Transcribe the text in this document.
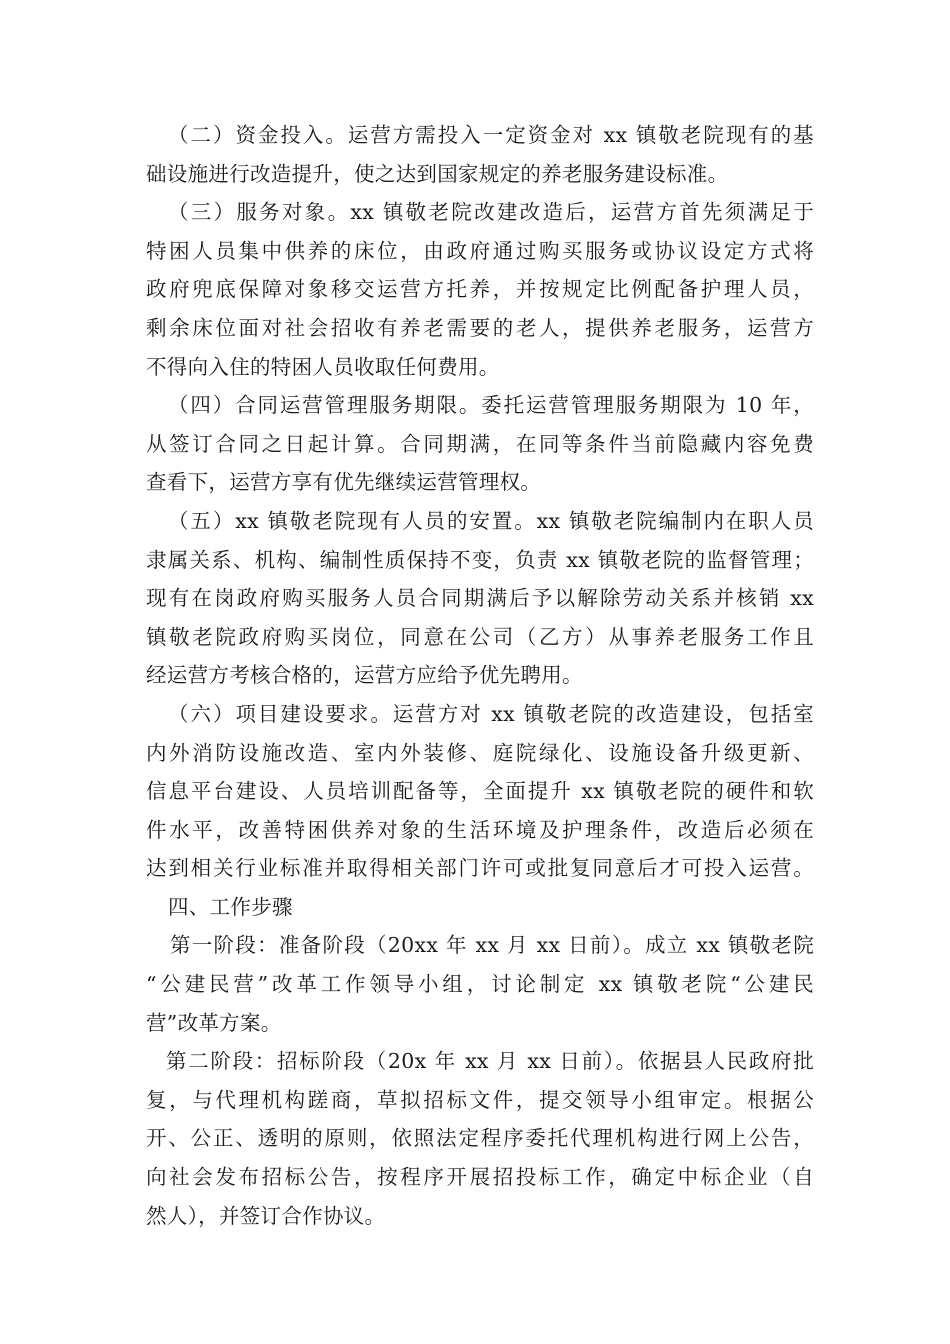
（二）资金投入。运营方需投入一定资金对 xx 镇敬老院现有的基
础设施进行改造提升，使之达到国家规定的养老服务建设标准。
（三）服务对象。xx 镇敬老院改建改造后，运营方首先须满足于
特困人员集中供养的床位，由政府通过购买服务或协议设定方式将
政府兜底保障对象移交运营方托养，并按规定比例配备护理人员，
剩余床位面对社会招收有养老需要的老人，提供养老服务，运营方
不得向入住的特困人员收取任何费用。
（四）合同运营管理服务期限。委托运营管理服务期限为 10 年，
从签订合同之日起计算。合同期满，在同等条件当前隐藏内容免费
查看下，运营方享有优先继续运营管理权。
（五）xx 镇敬老院现有人员的安置。xx 镇敬老院编制内在职人员
隶属关系、机构、编制性质保持不变，负责 xx 镇敬老院的监督管理；
现有在岗政府购买服务人员合同期满后予以解除劳动关系并核销 xx
镇敬老院政府购买岗位，同意在公司（乙方）从事养老服务工作且
经运营方考核合格的，运营方应给予优先聘用。
（六）项目建设要求。运营方对 xx 镇敬老院的改造建设，包括室
内外消防设施改造、室内外装修、庭院绿化、设施设备升级更新、
信息平台建设、人员培训配备等，全面提升 xx 镇敬老院的硬件和软
件水平，改善特困供养对象的生活环境及护理条件，改造后必须在
达到相关行业标准并取得相关部门许可或批复同意后才可投入运营。
四、工作步骤
第一阶段：准备阶段（20xx 年 xx 月 xx 日前）。成立 xx 镇敬老院
“公建民营”改革工作领导小组，讨论制定 xx 镇敬老院“公建民
营”改革方案。
第二阶段：招标阶段（20x 年 xx 月 xx 日前）。依据县人民政府批
复，与代理机构蹉商，草拟招标文件，提交领导小组审定。根据公
开、公正、透明的原则，依照法定程序委托代理机构进行网上公告，
向社会发布招标公告，按程序开展招投标工作，确定中标企业（自
然人），并签订合作协议。
